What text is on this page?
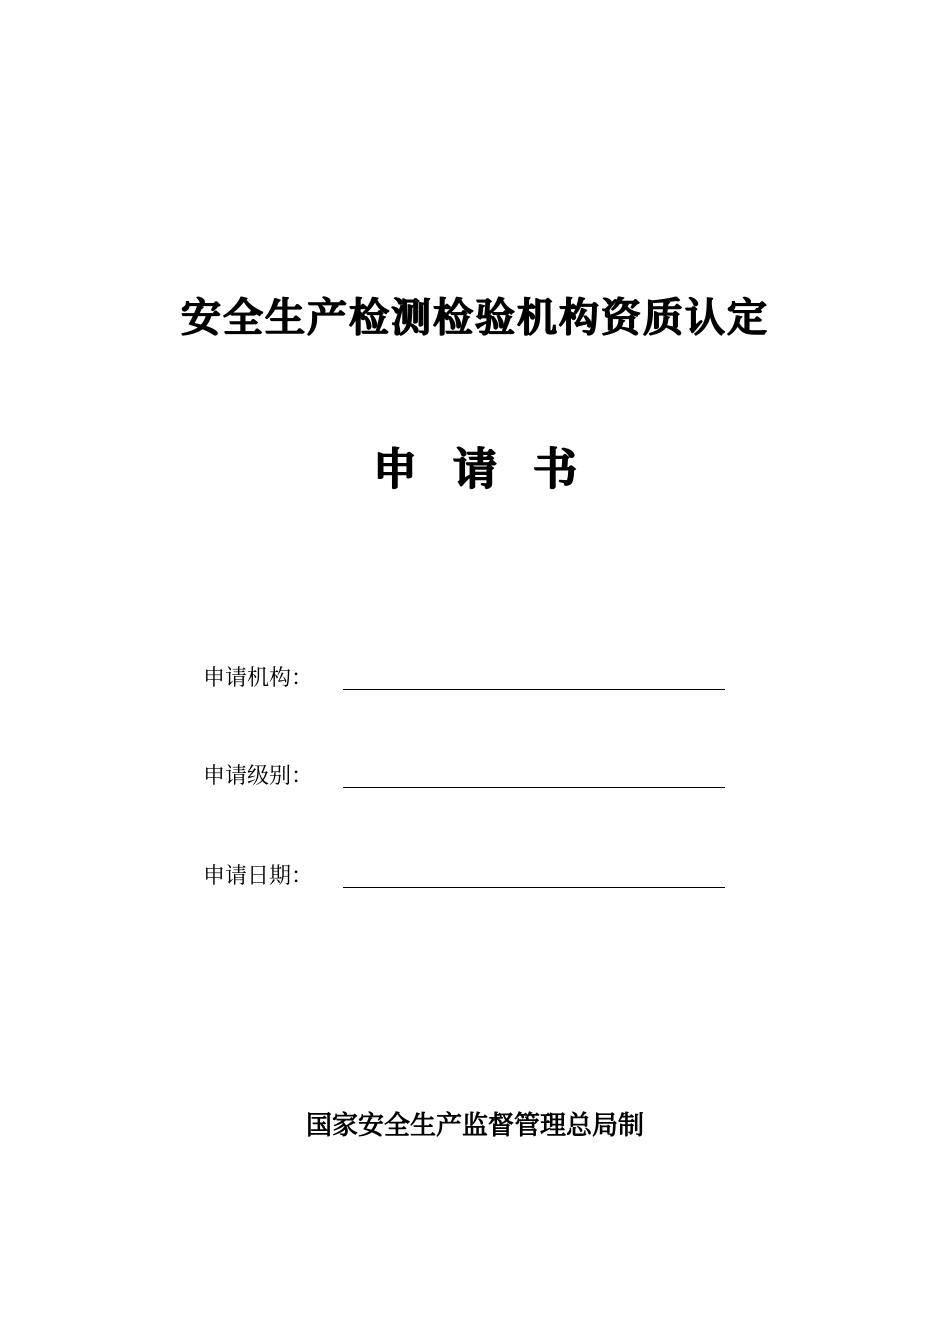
安全生产检测检验机构资质认定
申请书
申请机构：
申请级别：
申请日期：
国家安全生产监督管理总局制
